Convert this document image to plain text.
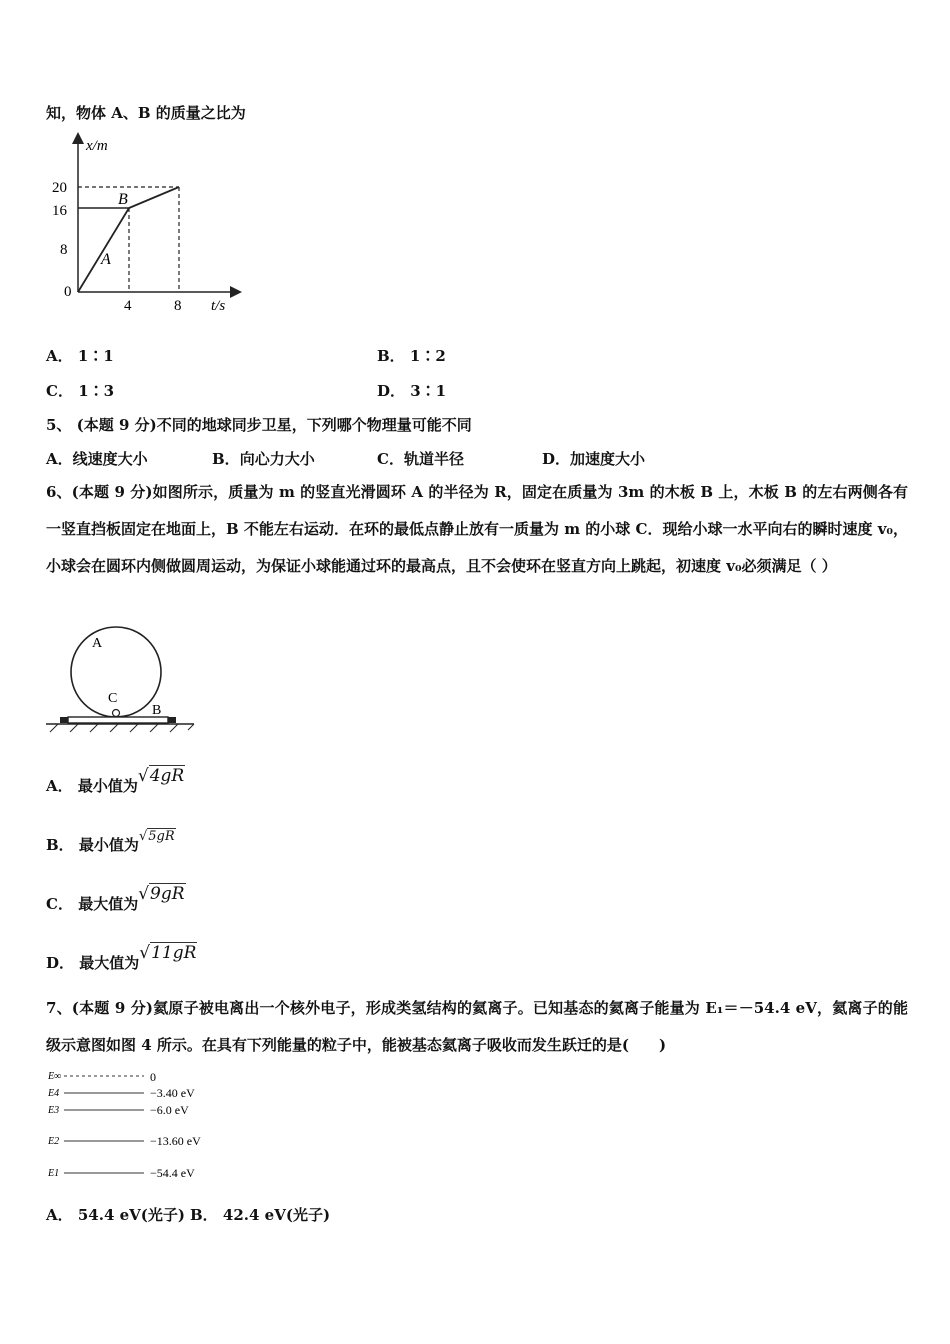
知，物体 A、B 的质量之比为
x/m
20
16
8
0
4	8 t/s
A
B
A． 1∶1	B． 1∶2
C． 1∶3	D． 3∶1
5、 (本题 9 分)不同的地球同步卫星，下列哪个物理量可能不同
A．线速度大小	B．向心力大小	C．轨道半径	D．加速度大小
6、(本题 9 分)如图所示，质量为 m 的竖直光滑圆环 A 的半径为 R，固定在质量为 3m 的木板 B 上，木板 B 的左右两侧各有一竖直挡板固定在地面上，B 不能左右运动．在环的最低点静止放有一质量为 m 的小球 C．现给小球一水平向右的瞬时速度 v₀，小球会在圆环内侧做圆周运动，为保证小球能通过环的最高点，且不会使环在竖直方向上跳起，初速度 v₀必须满足（ ）
A
C
B
A． 最小值为√4gR
B． 最小值为√5gR
C． 最大值为√9gR
D． 最大值为√11gR
7、(本题 9 分)氦原子被电离出一个核外电子，形成类氢结构的氦离子。已知基态的氦离子能量为 E₁＝－54.4 eV，氦离子的能级示意图如图 4 所示。在具有下列能量的粒子中，能被基态氦离子吸收而发生跃迁的是(　　)
E∞
E4
E3
E2
E1
0
−3.40 eV
−6.0 eV
−13.60 eV
−54.4 eV
A． 54.4 eV(光子) B． 42.4 eV(光子)
